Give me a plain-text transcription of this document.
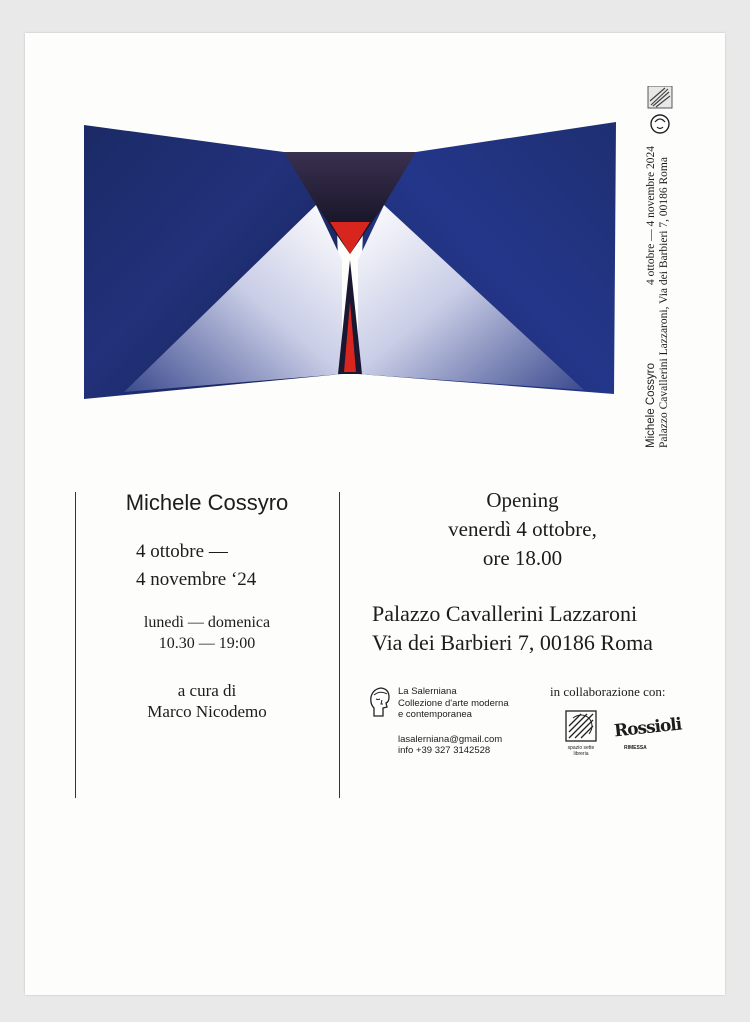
Michele Cossyro
4 ottobre — 4 novembre 2024 Palazzo Cavallerini Lazzaroni, Via dei Barbieri 7, 00186 Roma
Michele Cossyro
4 ottobre —
4 novembre ‘24
lunedì — domenica
10.30 — 19:00
a cura di
Marco Nicodemo
Opening
venerdì 4 ottobre,
ore 18.00
Palazzo Cavallerini Lazzaroni
Via dei Barbieri 7, 00186 Roma
La Salerniana
Collezione d'arte moderna
e contemporanea
lasalerniana@gmail.com
info +39 327 3142528
in collaborazione con:
spazio sette
libreria
Rossioli
RIMESSA
